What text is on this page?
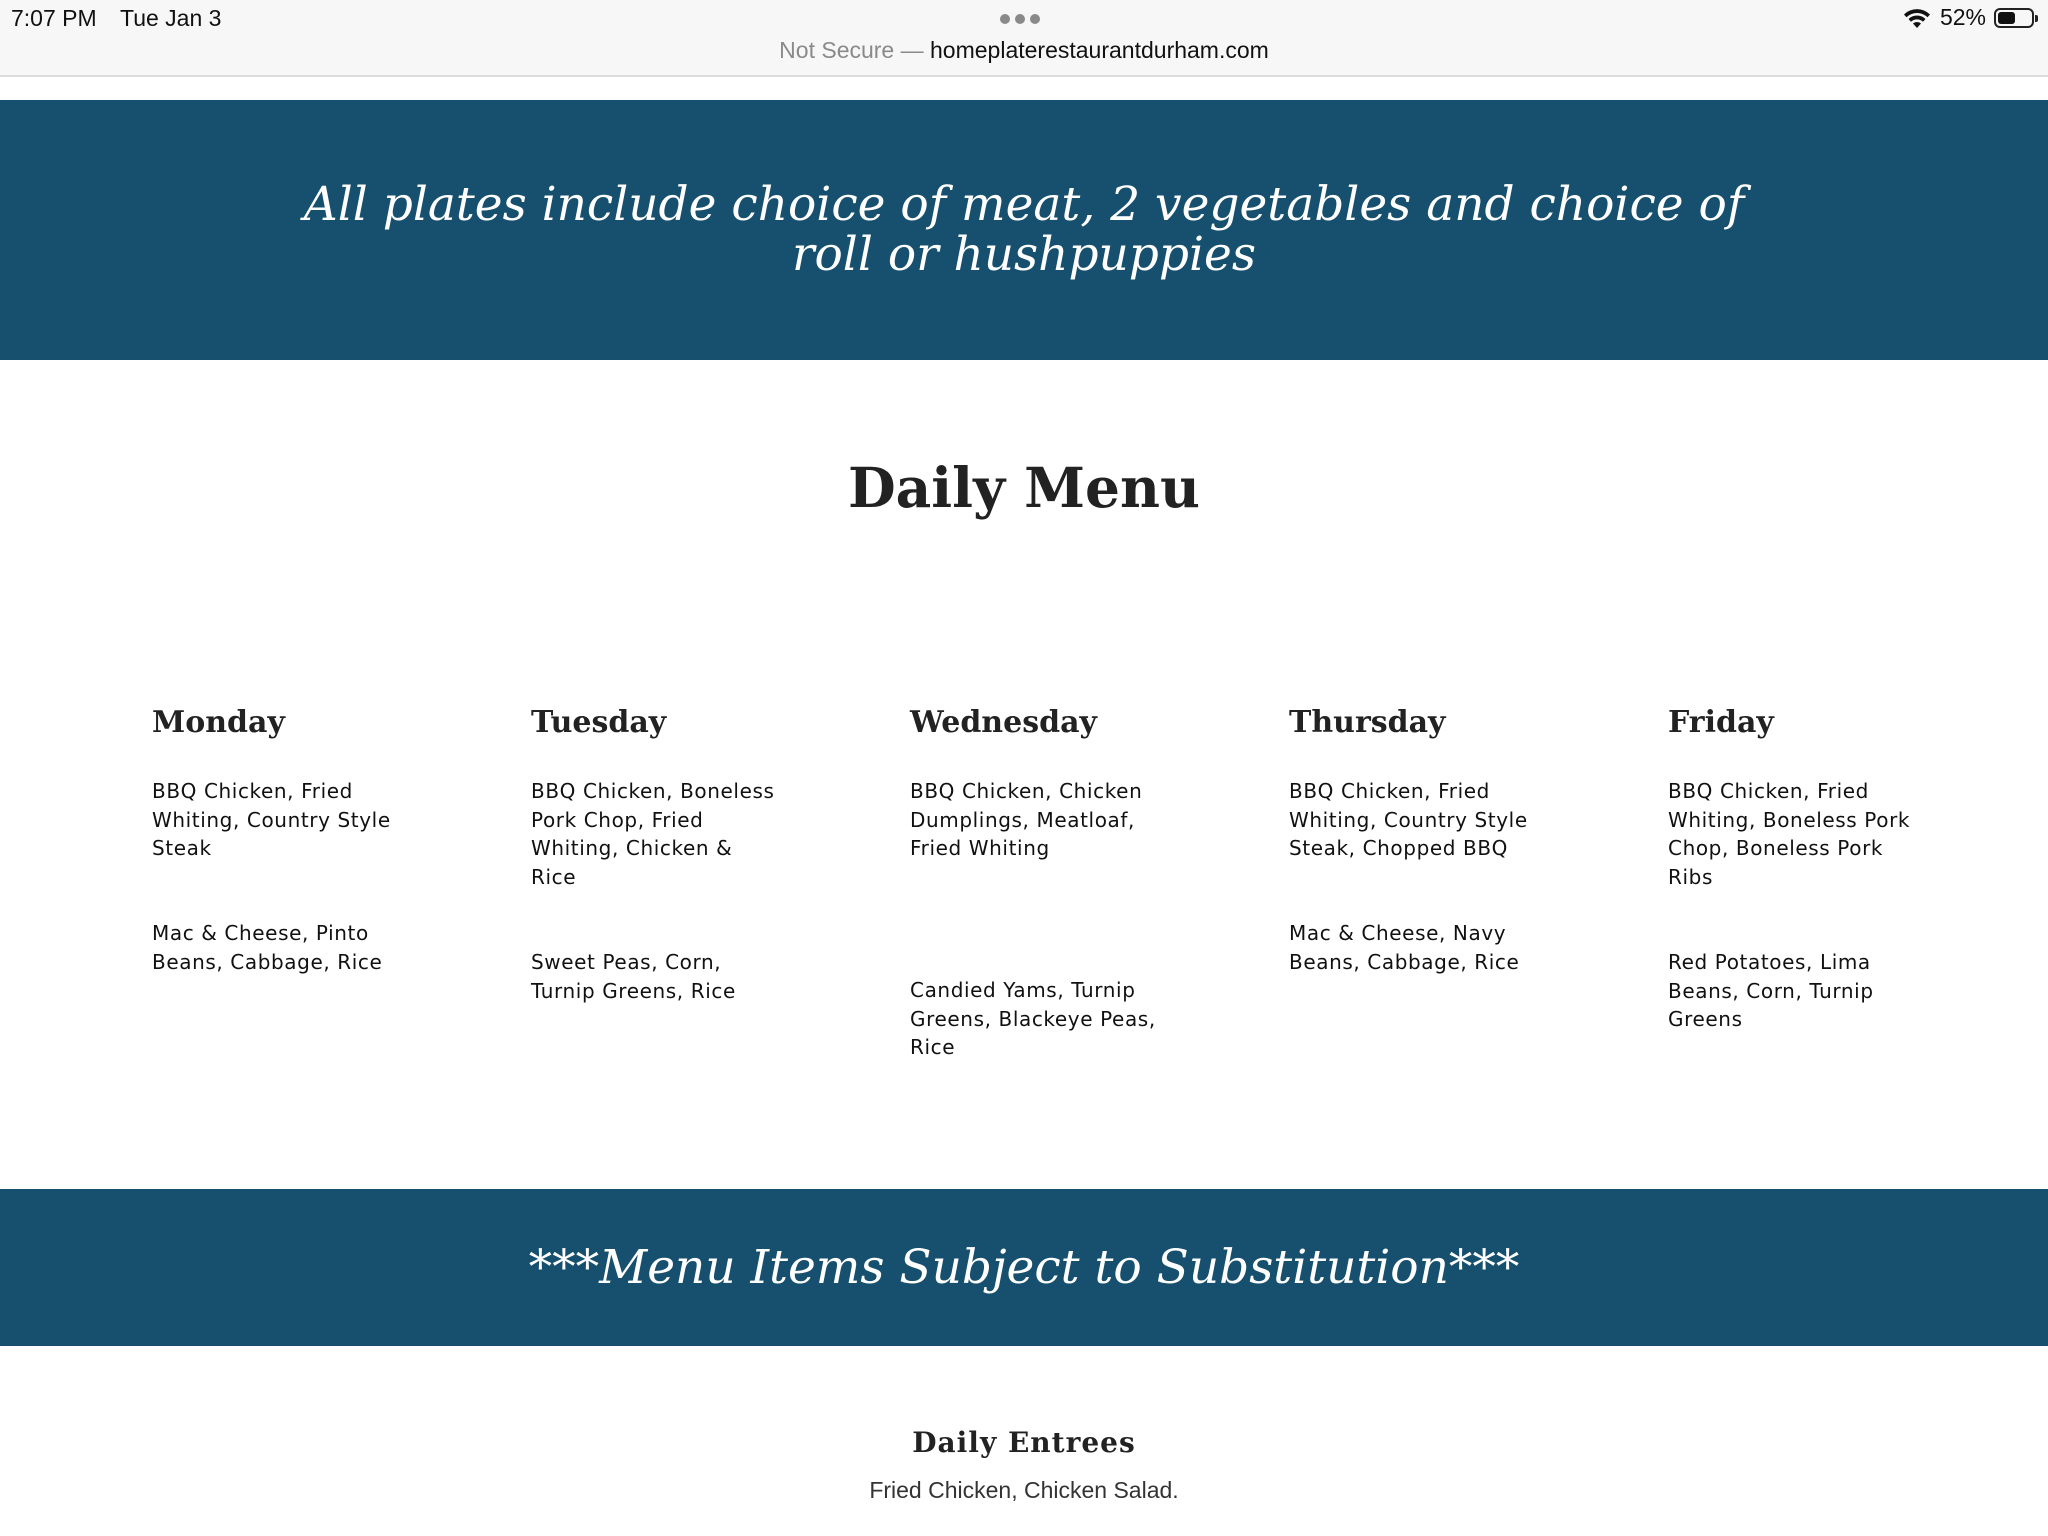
7:07 PM Tue Jan 3	52%
Not Secure — homeplaterestaurantdurham.com

All plates include choice of meat, 2 vegetables and choice of roll or hushpuppies

Daily Menu
Monday

BBQ Chicken, Fried Whiting, Country Style Steak

Mac & Cheese, Pinto Beans, Cabbage, Rice

Tuesday

BBQ Chicken, Boneless Pork Chop, Fried Whiting, Chicken & Rice

Sweet Peas, Corn, Turnip Greens, Rice

Wednesday

BBQ Chicken, Chicken Dumplings, Meatloaf, Fried Whiting

Candied Yams, Turnip Greens, Blackeye Peas, Rice

Thursday

BBQ Chicken, Fried Whiting, Country Style Steak, Chopped BBQ

Mac & Cheese, Navy Beans, Cabbage, Rice

Friday

BBQ Chicken, Fried Whiting, Boneless Pork Chop, Boneless Pork Ribs

Red Potatoes, Lima Beans, Corn, Turnip Greens

***Menu Items Subject to Substitution***

Daily Entrees
Fried Chicken, Chicken Salad.
